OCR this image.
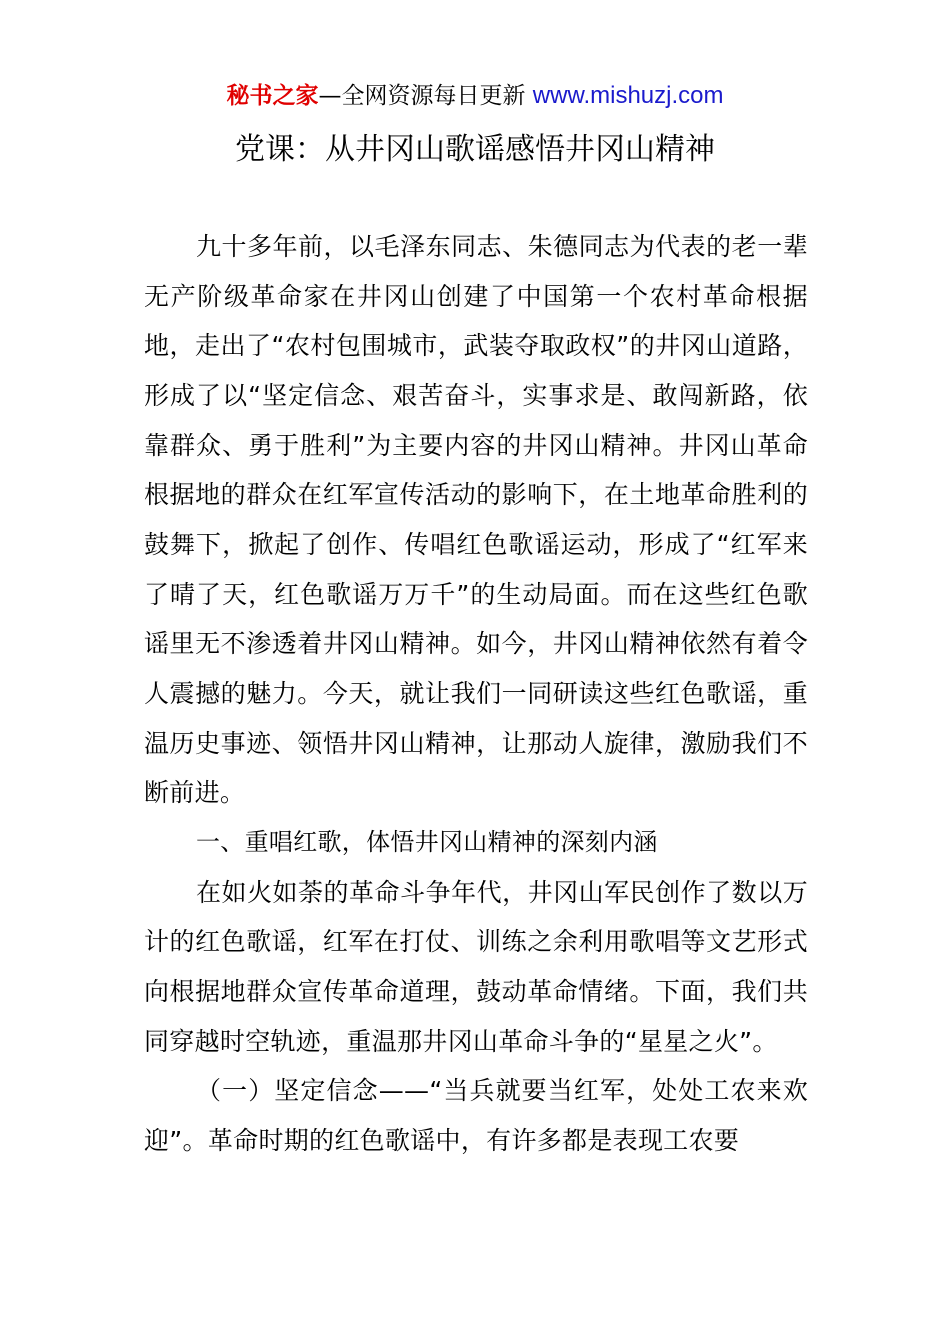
秘书之家—全网资源每日更新 www.mishuzj.com
党课：从井冈山歌谣感悟井冈山精神

九十多年前，以毛泽东同志、朱德同志为代表的老一辈无产阶级革命家在井冈山创建了中国第一个农村革命根据地，走出了“农村包围城市，武装夺取政权”的井冈山道路，形成了以“坚定信念、艰苦奋斗，实事求是、敢闯新路，依靠群众、勇于胜利”为主要内容的井冈山精神。井冈山革命根据地的群众在红军宣传活动的影响下，在土地革命胜利的鼓舞下，掀起了创作、传唱红色歌谣运动，形成了“红军来了晴了天，红色歌谣万万千”的生动局面。而在这些红色歌谣里无不渗透着井冈山精神。如今，井冈山精神依然有着令人震撼的魅力。今天，就让我们一同研读这些红色歌谣，重温历史事迹、领悟井冈山精神，让那动人旋律，激励我们不断前进。

一、重唱红歌，体悟井冈山精神的深刻内涵

在如火如荼的革命斗争年代，井冈山军民创作了数以万计的红色歌谣，红军在打仗、训练之余利用歌唱等文艺形式向根据地群众宣传革命道理，鼓动革命情绪。下面，我们共同穿越时空轨迹，重温那井冈山革命斗争的“星星之火”。

（一）坚定信念——“当兵就要当红军，处处工农来欢迎”。革命时期的红色歌谣中，有许多都是表现工农要
